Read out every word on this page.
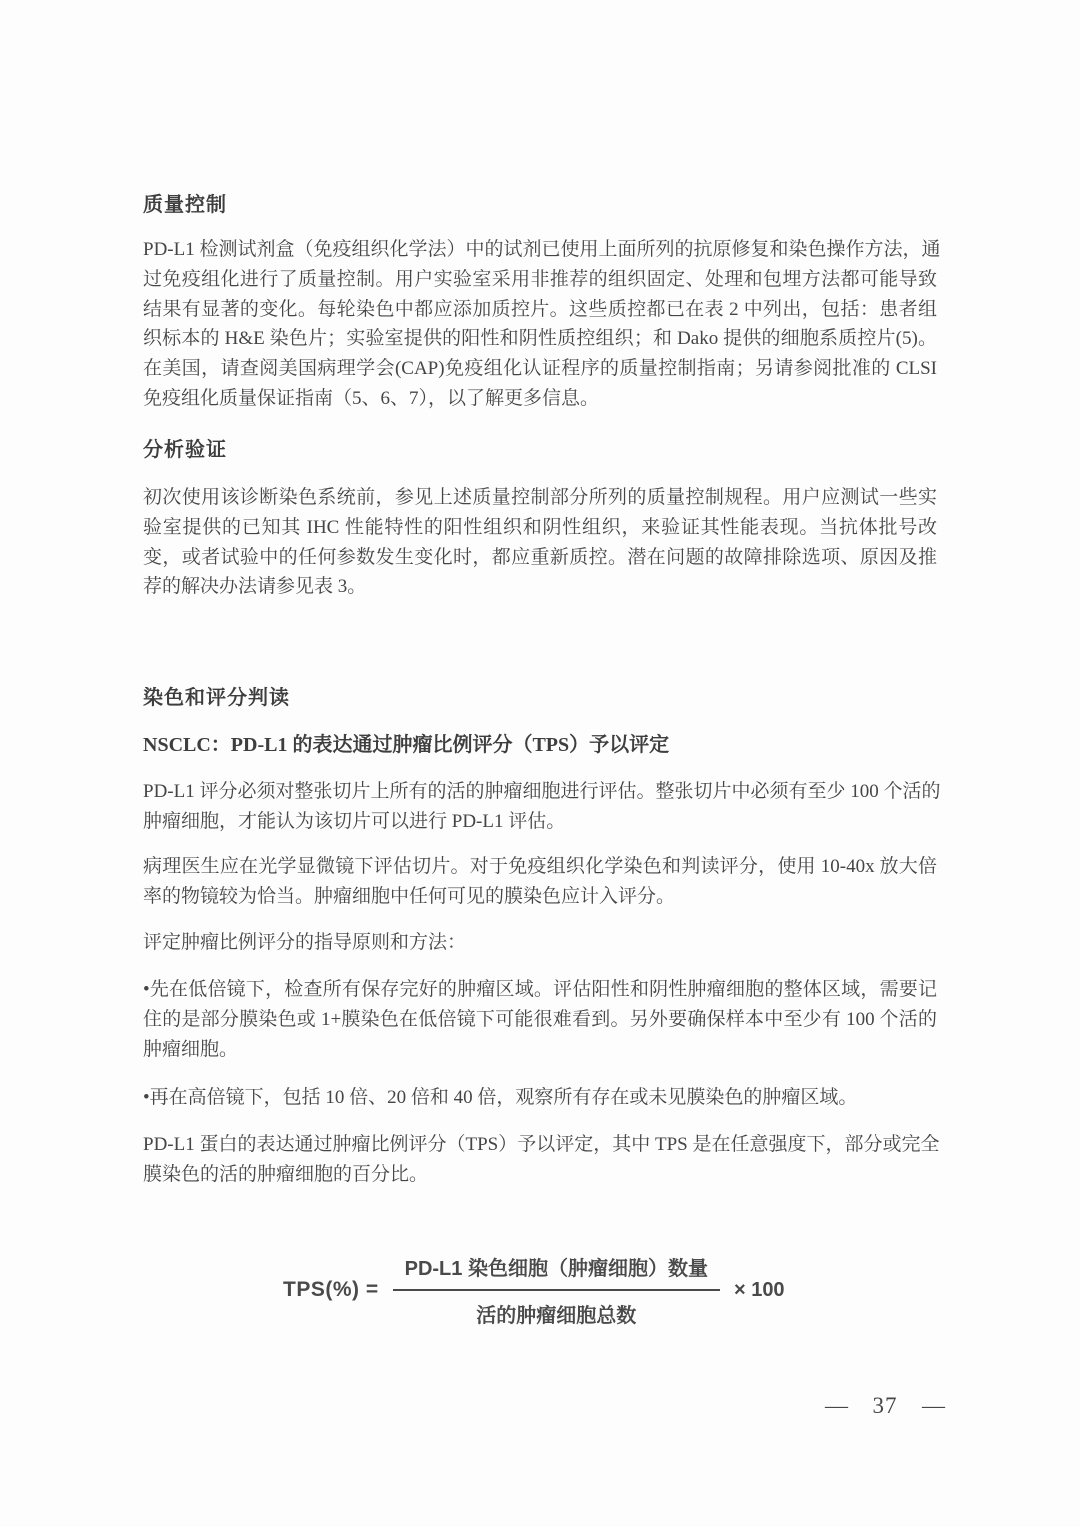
质量控制
PD-L1 检测试剂盒（免疫组织化学法）中的试剂已使用上面所列的抗原修复和染色操作方法，通
过免疫组化进行了质量控制。用户实验室采用非推荐的组织固定、处理和包埋方法都可能导致
结果有显著的变化。每轮染色中都应添加质控片。这些质控都已在表 2 中列出，包括：患者组
织标本的 H&E 染色片；实验室提供的阳性和阴性质控组织；和 Dako 提供的细胞系质控片(5)。
在美国，请查阅美国病理学会(CAP)免疫组化认证程序的质量控制指南；另请参阅批准的 CLSI
免疫组化质量保证指南（5、6、7），以了解更多信息。
分析验证
初次使用该诊断染色系统前，参见上述质量控制部分所列的质量控制规程。用户应测试一些实
验室提供的已知其 IHC 性能特性的阳性组织和阴性组织，来验证其性能表现。当抗体批号改
变，或者试验中的任何参数发生变化时，都应重新质控。潜在问题的故障排除选项、原因及推
荐的解决办法请参见表 3。
染色和评分判读
NSCLC：PD-L1 的表达通过肿瘤比例评分（TPS）予以评定
PD-L1 评分必须对整张切片上所有的活的肿瘤细胞进行评估。整张切片中必须有至少 100 个活的
肿瘤细胞，才能认为该切片可以进行 PD-L1 评估。
病理医生应在光学显微镜下评估切片。对于免疫组织化学染色和判读评分，使用 10-40x 放大倍
率的物镜较为恰当。肿瘤细胞中任何可见的膜染色应计入评分。
评定肿瘤比例评分的指导原则和方法：
•先在低倍镜下，检查所有保存完好的肿瘤区域。评估阳性和阴性肿瘤细胞的整体区域，需要记
住的是部分膜染色或 1+膜染色在低倍镜下可能很难看到。另外要确保样本中至少有 100 个活的
肿瘤细胞。
•再在高倍镜下，包括 10 倍、20 倍和 40 倍，观察所有存在或未见膜染色的肿瘤区域。
PD-L1 蛋白的表达通过肿瘤比例评分（TPS）予以评定，其中 TPS 是在任意强度下，部分或完全
膜染色的活的肿瘤细胞的百分比。
$TPS(\%) = \frac{\text{PD-L1 染色细胞（肿瘤细胞）数量}}{\text{活的肿瘤细胞总数}} \times 100$
— 37 —
